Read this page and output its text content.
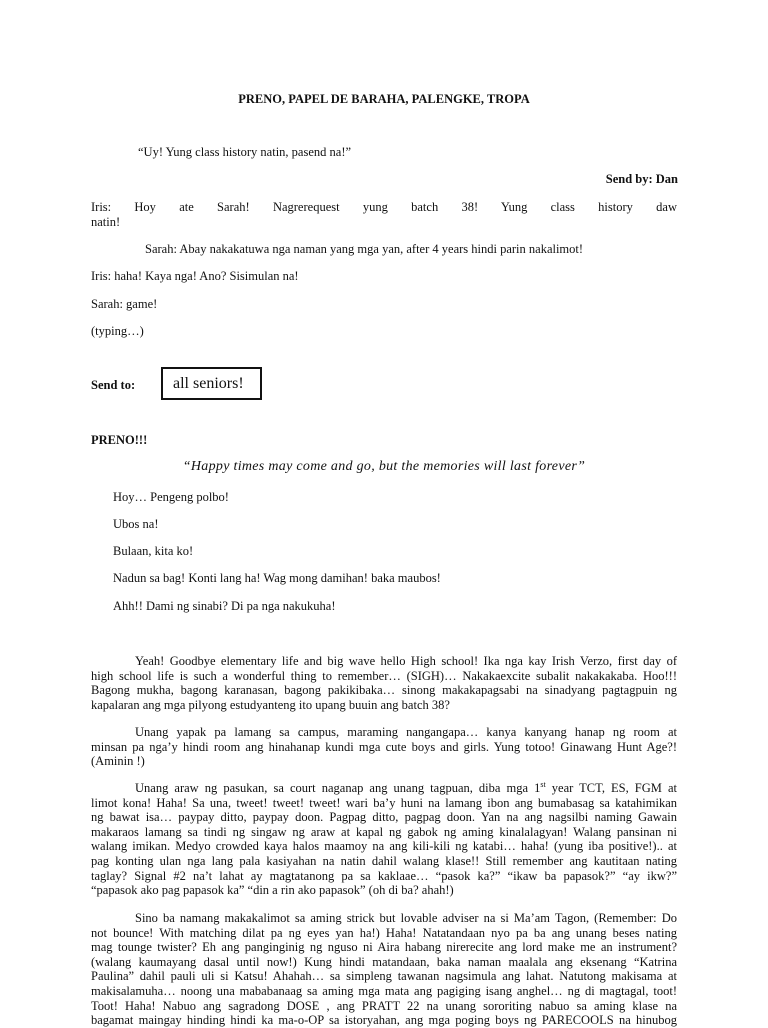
PRENO, PAPEL DE BARAHA, PALENGKE, TROPA
“Uy! Yung class history natin, pasend na!”
Send by: Dan
Iris: Hoy ate Sarah! Nagrerequest yung batch 38! Yung class history daw
natin!
Sarah: Abay nakakatuwa nga naman yang mga yan, after 4 years hindi parin nakalimot!
Iris: haha! Kaya nga! Ano? Sisimulan na!
Sarah: game!
(typing…)
Send to:	all seniors!
PRENO!!!
“Happy times may come and go, but the memories will last forever”
Hoy… Pengeng polbo!
Ubos na!
Bulaan, kita ko!
Nadun sa bag! Konti lang ha! Wag mong damihan! baka maubos!
Ahh!! Dami ng sinabi? Di pa nga nakukuha!
Yeah! Goodbye elementary life and big wave hello High school! Ika nga kay Irish Verzo, first day of
high school life is such a wonderful thing to remember… (SIGH)… Nakakaexcite subalit nakakakaba. Hoo!!!
Bagong mukha, bagong karanasan, bagong pakikibaka… sinong makakapagsabi na sinadyang pagtagpuin ng
kapalaran ang mga pilyong estudyanteng ito upang buuin ang batch 38?
Unang yapak pa lamang sa campus, maraming nangangapa… kanya kanyang hanap ng room at
minsan pa nga’y hindi room ang hinahanap kundi mga cute boys and girls. Yung totoo! Ginawang Hunt Age?!
(Aminin !)
Unang araw ng pasukan, sa court naganap ang unang tagpuan, diba mga 1st year TCT, ES, FGM at
limot kona! Haha! Sa una, tweet! tweet! tweet! wari ba’y huni na lamang ibon ang bumabasag sa katahimikan
ng bawat isa… paypay ditto, paypay doon. Pagpag ditto, pagpag doon. Yan na ang nagsilbi naming Gawain
makaraos lamang sa tindi ng singaw ng araw at kapal ng gabok ng aming kinalalagyan! Walang pansinan ni
walang imikan. Medyo crowded kaya halos maamoy na ang kili-kili ng katabi… haha! (yung iba positive!).. at
pag konting ulan nga lang pala kasiyahan na natin dahil walang klase!! Still remember ang kautitaan nating
taglay? Signal #2 na’t lahat ay magtatanong pa sa kaklaae… “pasok ka?” “ikaw ba papasok?” “ay ikw?”
“papasok ako pag papasok ka” “din a rin ako papasok” (oh di ba? ahah!)
Sino ba namang makakalimot sa aming strick but lovable adviser na si Ma’am Tagon, (Remember: Do
not bounce! With matching dilat pa ng eyes yan ha!) Haha! Natatandaan nyo pa ba ang unang beses nating
mag tounge twister? Eh ang panginginig ng nguso ni Aira habang nirerecite ang lord make me an instrument?
(walang kaumayang dasal until now!) Kung hindi matandaan, baka naman maalala ang eksenang “Katrina
Paulina” dahil pauli uli si Katsu! Ahahah… sa simpleng tawanan nagsimula ang lahat. Natutong makisama at
makisalamuha… noong una mababanaag sa aming mga mata ang pagiging isang anghel… ng di magtagal, toot!
Toot! Haha! Nabuo ang sagradong DOSE , ang PRATT 22 na unang sororiting nabuo sa aming klase na
bagamat maingay hinding hindi ka ma-o-OP sa istoryahan, ang mga poging boys ng PARECOOLS na hinubog
